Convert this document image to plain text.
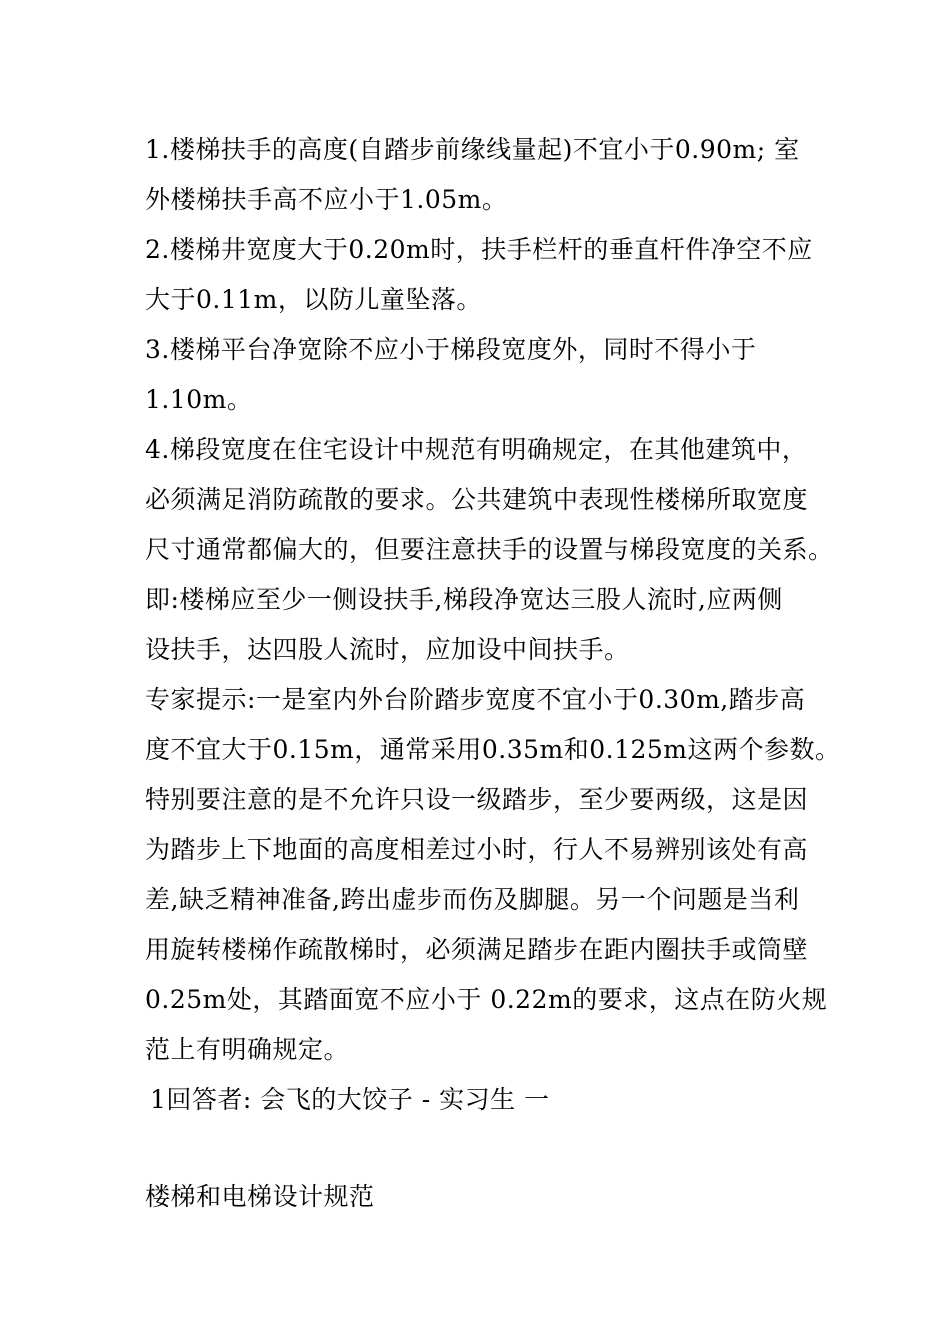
1.楼梯扶手的高度(自踏步前缘线量起)不宜小于0.90m; 室
外楼梯扶手高不应小于1.05m。
2.楼梯井宽度大于0.20m时，扶手栏杆的垂直杆件净空不应
大于0.11m，以防儿童坠落。
3.楼梯平台净宽除不应小于梯段宽度外，同时不得小于
1.10m。
4.梯段宽度在住宅设计中规范有明确规定，在其他建筑中，
必须满足消防疏散的要求。公共建筑中表现性楼梯所取宽度
尺寸通常都偏大的，但要注意扶手的设置与梯段宽度的关系。
即:楼梯应至少一侧设扶手,梯段净宽达三股人流时,应两侧
设扶手，达四股人流时，应加设中间扶手。
专家提示:一是室内外台阶踏步宽度不宜小于0.30m,踏步高
度不宜大于0.15m，通常采用0.35m和0.125m这两个参数。
特别要注意的是不允许只设一级踏步，至少要两级，这是因
为踏步上下地面的高度相差过小时，行人不易辨别该处有高
差,缺乏精神准备,跨出虚步而伤及脚腿。另一个问题是当利
用旋转楼梯作疏散梯时，必须满足踏步在距内圈扶手或筒壁
0.25m处，其踏面宽不应小于 0.22m的要求，这点在防火规
范上有明确规定。
1回答者: 会飞的大饺子 - 实习生 一
楼梯和电梯设计规范
